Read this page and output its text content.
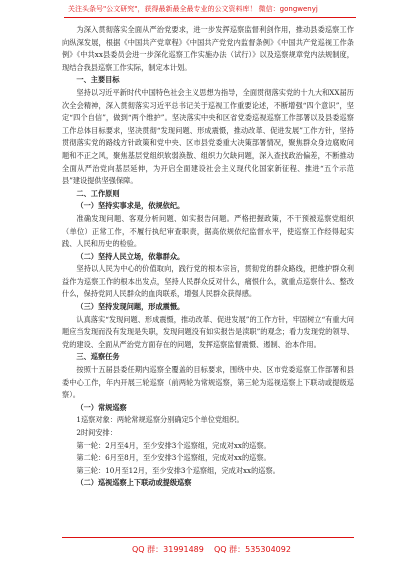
关注头条号"公文研究"，获得最新最全最专业的公文资料库！ 微信：gongwenyj

为深入贯彻落实全面从严治党要求，进一步发挥巡察监督利剑作用，推动县委巡察工作向纵深发展，根据《中国共产党章程》《中国共产党党内监督条例》《中国共产党巡视工作条例》《中共xx县委员会进一步深化巡察工作实施办法（试行）》以及巡察规章党内法规制度，现结合我县巡察工作实际，制定本计划。

一、主要目标

坚持以习近平新时代中国特色社会主义思想为指导，全面贯彻落实党的十九大和XX届历次全会精神，深入贯彻落实习近平总书记关于巡视工作重要论述，不断增强“四个意识”，坚定“四个自信”，做到“两个维护”。坚决落实中央和区省党委巡视巡察工作部署以及县委巡察工作总体目标要求，坚决贯彻“发现问题、形成震慑，推动改革、促进发展”工作方针，坚持贯彻落实党的路线方针政策和党中央、区市县党委重大决策部署情况，聚焦群众身边腐败问题和不正之风，聚焦基层党组织软弱涣散、组织力欠缺问题，深入查找政治偏差，不断推动全面从严治党向基层延伸，为开启全面建设社会主义现代化国家新征程、推进“五个示范县”建设提供坚强保障。

二、工作原则

（一）坚持实事求是，依规依纪。

准确发现问题、客观分析问题、如实报告问题。严格把握政策，不干预被巡察党组织（单位）正常工作，不履行执纪审查职责，据高依规依纪监督水平，使巡察工作经得起实践、人民和历史的检验。

（二）坚持人民立场，依靠群众。

坚持以人民为中心的价值取向，践行党的根本宗旨，贯彻党的群众路线，把维护群众利益作为巡察工作的根本出发点，坚持人民群众反对什么，痛恨什么，就重点巡察什么、整改什么，保持党同人民群众的血肉联系，增强人民群众获得感。

（三）坚持发现问题，形成震慑。

认真落实“发现问题、形成震慑，推动改革、促进发展”的工作方针，牢固树立“有重大问题应当发现而没有发现是失职，发现问题没有如实报告是渎职”的观念；看力发现党的领导、党的建设、全面从严治党方面存在的问题，发挥巡察监督震慑、遏制、治本作用。

三、巡察任务

按照十五届县委任期内巡察全覆盖的目标要求，围绕中央、区市党委巡察工作部署和县委中心工作，年内开展三轮巡察（前两轮为常规巡察，第三轮为巡视巡察上下联动或提级巡察）。

（一）常规巡察

1巡察对象：两轮常规巡察分别确定5个单位党组织。

2时间安排：

第一轮：2月至4月，至少安排3个巡察组，完成对xx的巡察。

第二轮：6月至8月，至少安排3个巡察组，完成对xx的巡察。

第三轮：10月至12月，至少安排3个巡察组，完成对xx的巡察。

（二）巡视巡察上下联动或提级巡察

QQ 群：31991489 QQ 群：535304092
